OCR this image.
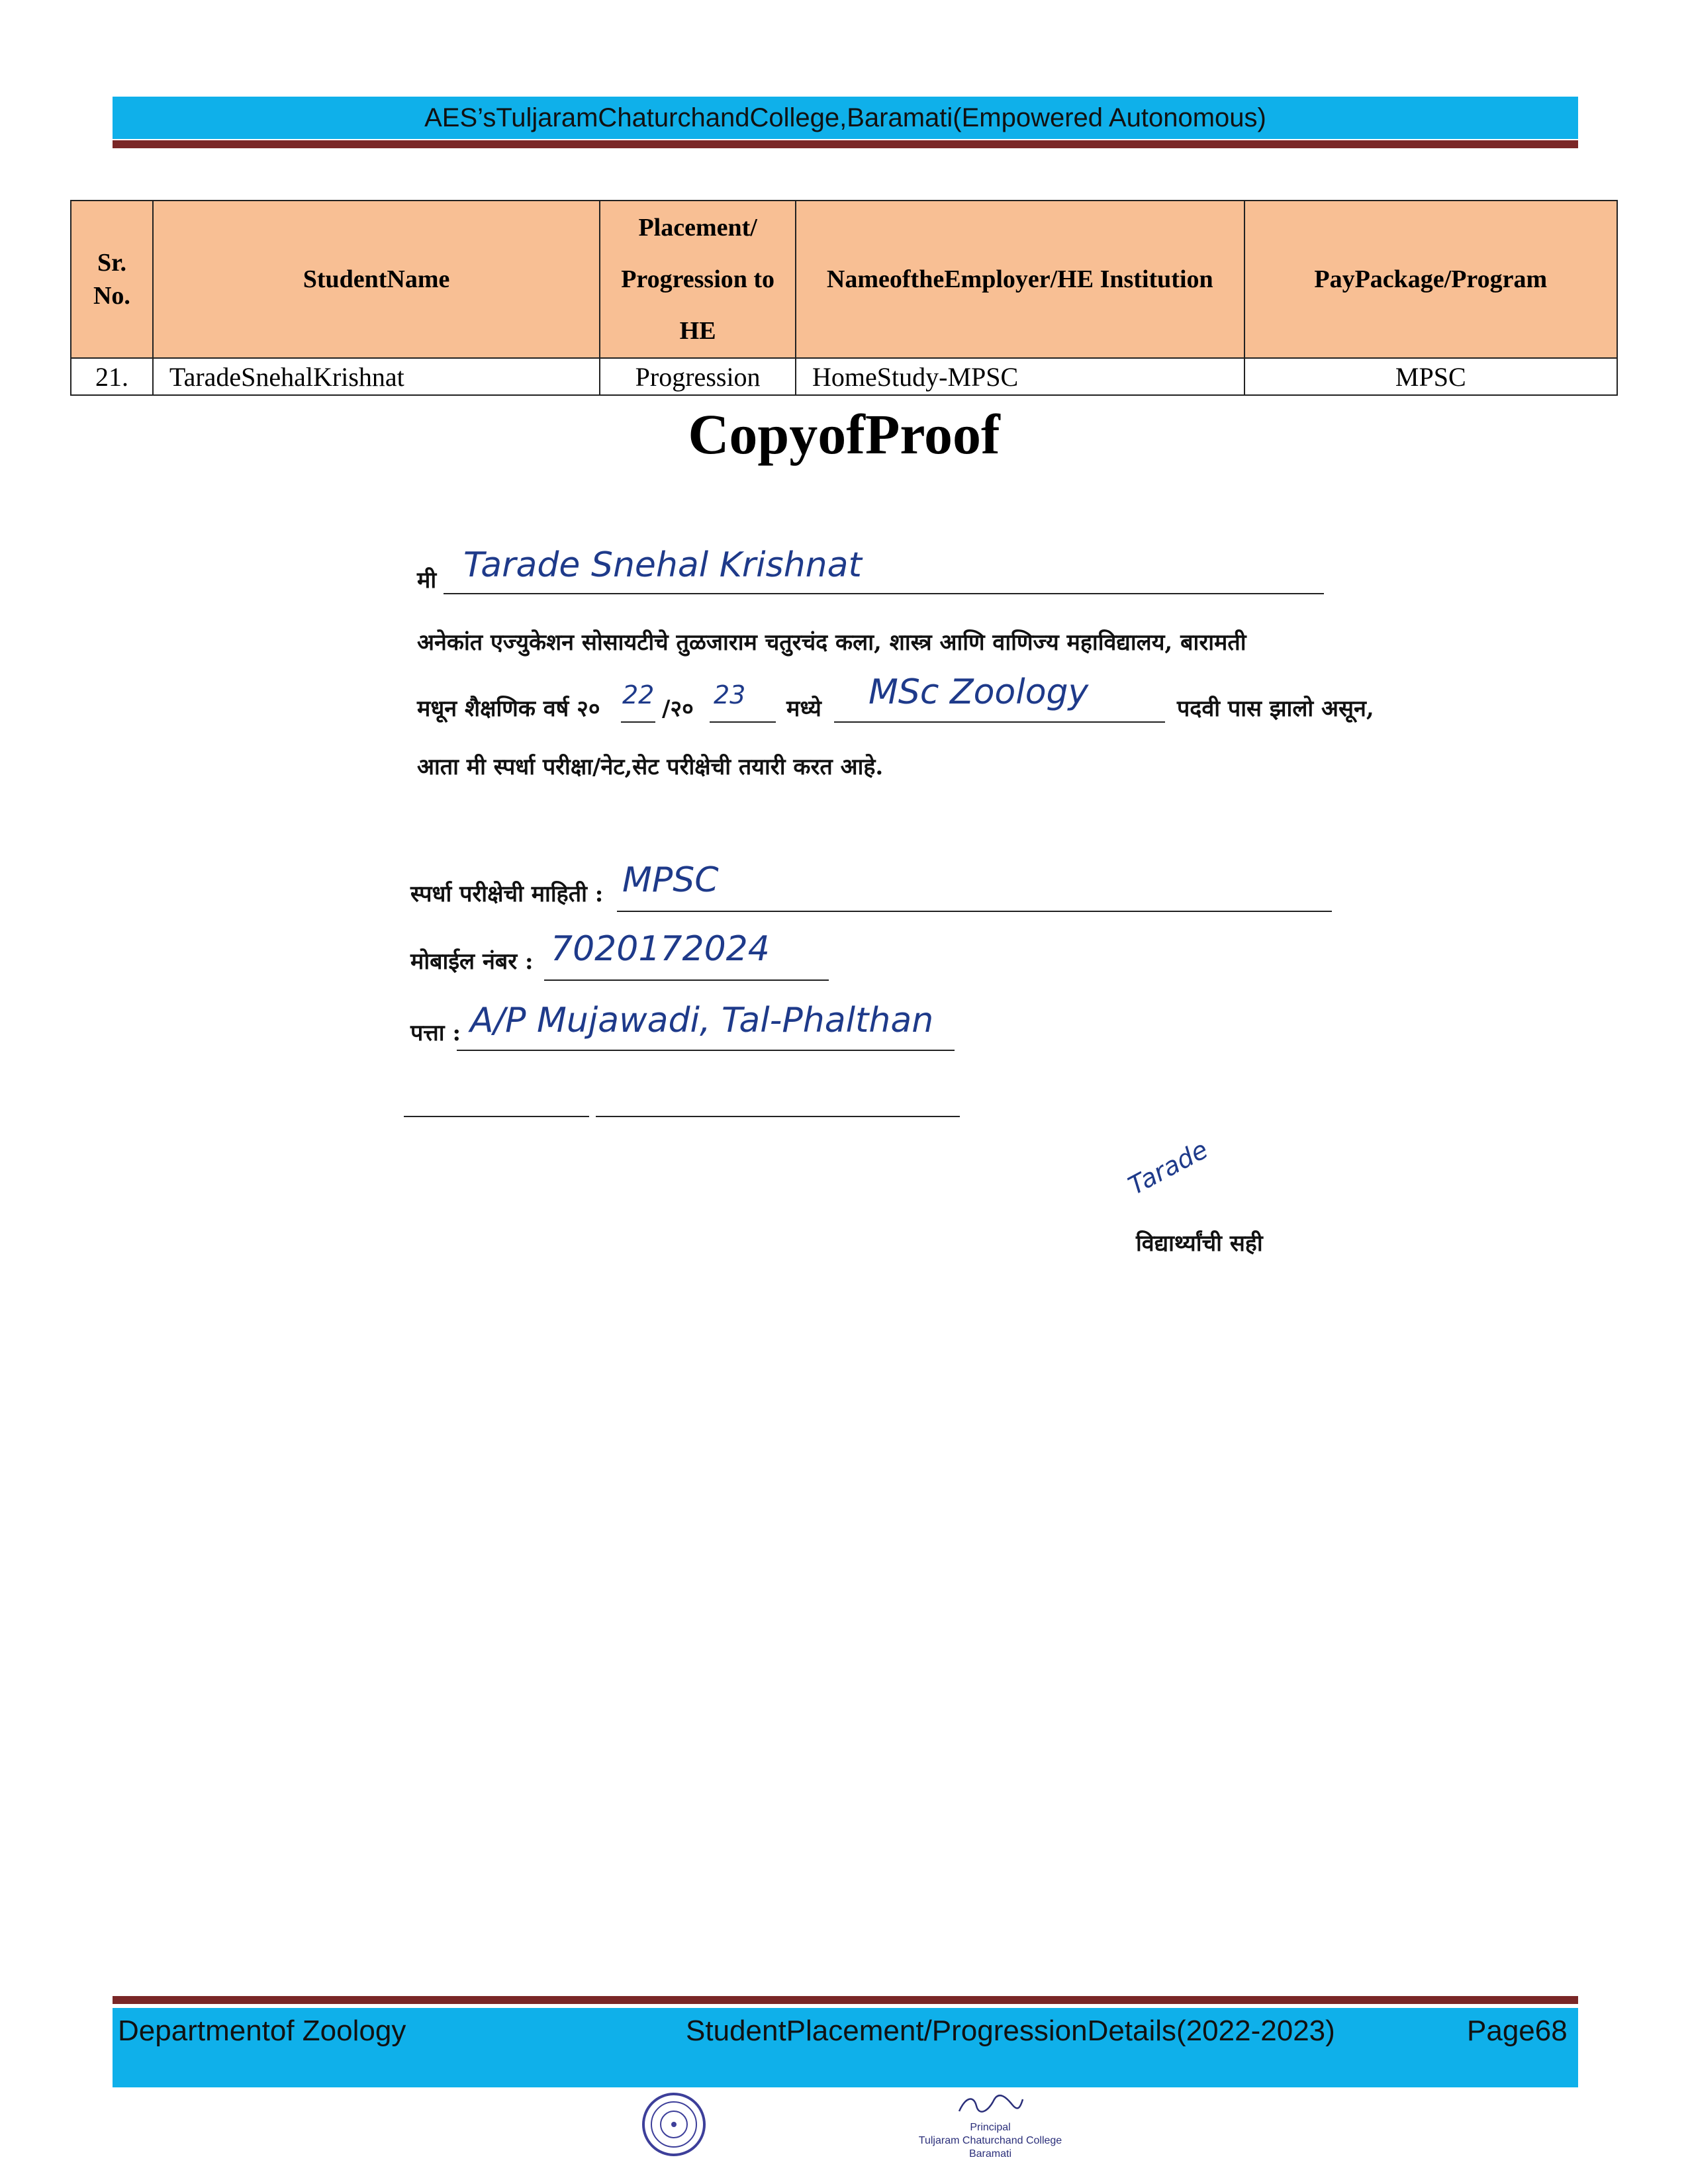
AES’sTuljaramChaturchandCollege,Baramati(Empowered Autonomous)
Sr. No.	StudentName	Placement/ Progression to HE	NameoftheEmployer/HE Institution	PayPackage/Program
21.	TaradeSnehalKrishnat	Progression	HomeStudy-MPSC	MPSC
CopyofProof
मी Tarade Snehal Krishnat
अनेकांत एज्युकेशन सोसायटीचे तुळजाराम चतुरचंद कला, शास्त्र आणि वाणिज्य महाविद्यालय, बारामती
मधून शैक्षणिक वर्ष २० 22 /२० 23 मध्ये MSc Zoology	पदवी पास झालो असून,
आता मी स्पर्धा परीक्षा/नेट,सेट परीक्षेची तयारी करत आहे.
स्पर्धा परीक्षेची माहिती : MPSC
मोबाईल नंबर : 7020172024
पत्ता : A/P Mujawadi, Tal-Phalthan
Tarade
विद्यार्थ्यांची सही
Departmentof Zoology	StudentPlacement/ProgressionDetails(2022-2023)	Page68
Principal
Tuljaram Chaturchand College
Baramati
